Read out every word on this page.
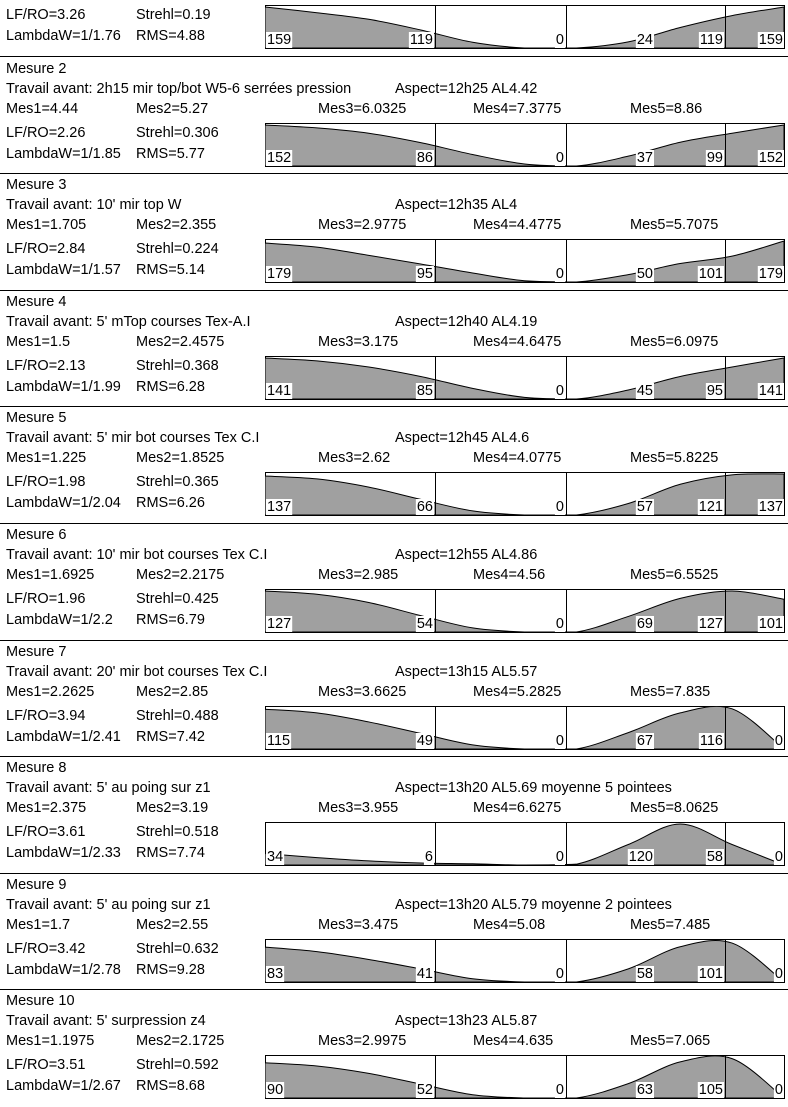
LF/RO=3.26	Strehl=0.19
LambdaW=1/1.76 RMS=4.88	159	119	0	24	119 159
Mesure 2
Travail avant: 2h15 mir top/bot W5-6 serrées pression	Aspect=12h25 AL4.42
Mes1=4.44	Mes2=5.27	Mes3=6.0325	Mes4=7.3775	Mes5=8.86
LF/RO=2.26	Strehl=0.306
LambdaW=1/1.85 RMS=5.77	152	86	0	37	99 152
Mesure 3
Travail avant: 10' mir top W	Aspect=12h35 AL4
Mes1=1.705	Mes2=2.355	Mes3=2.9775	Mes4=4.4775	Mes5=5.7075
LF/RO=2.84	Strehl=0.224
LambdaW=1/1.57 RMS=5.14	179	95	0	50	101 179
Mesure 4
Travail avant: 5' mTop courses Tex-A.I	Aspect=12h40 AL4.19
Mes1=1.5	Mes2=2.4575	Mes3=3.175	Mes4=4.6475	Mes5=6.0975
LF/RO=2.13	Strehl=0.368
LambdaW=1/1.99 RMS=6.28	141	85	0	45	95 141
Mesure 5
Travail avant: 5' mir bot courses Tex C.I	Aspect=12h45 AL4.6
Mes1=1.225	Mes2=1.8525	Mes3=2.62	Mes4=4.0775	Mes5=5.8225
LF/RO=1.98	Strehl=0.365
LambdaW=1/2.04 RMS=6.26	137	66	0	57	121 137
Mesure 6
Travail avant: 10' mir bot courses Tex C.I	Aspect=12h55 AL4.86
Mes1=1.6925	Mes2=2.2175	Mes3=2.985	Mes4=4.56	Mes5=6.5525
LF/RO=1.96	Strehl=0.425
LambdaW=1/2.2 RMS=6.79	127	54	0	69	127 101
Mesure 7
Travail avant: 20' mir bot courses Tex C.I	Aspect=13h15 AL5.57
Mes1=2.2625	Mes2=2.85	Mes3=3.6625	Mes4=5.2825	Mes5=7.835
LF/RO=3.94	Strehl=0.488
LambdaW=1/2.41 RMS=7.42	115	49	0	67	116	0
Mesure 8
Travail avant: 5' au poing sur z1	Aspect=13h20 AL5.69 moyenne 5 pointees
Mes1=2.375	Mes2=3.19	Mes3=3.955	Mes4=6.6275	Mes5=8.0625
LF/RO=3.61	Strehl=0.518
LambdaW=1/2.33 RMS=7.74	34	6	0	120	58	0
Mesure 9
Travail avant: 5' au poing sur z1	Aspect=13h20 AL5.79 moyenne 2 pointees
Mes1=1.7	Mes2=2.55	Mes3=3.475	Mes4=5.08	Mes5=7.485
LF/RO=3.42	Strehl=0.632
LambdaW=1/2.78 RMS=9.28	83	41	0	58	101	0
Mesure 10
Travail avant: 5' surpression z4	Aspect=13h23 AL5.87
Mes1=1.1975	Mes2=2.1725	Mes3=2.9975	Mes4=4.635	Mes5=7.065
LF/RO=3.51	Strehl=0.592
LambdaW=1/2.67 RMS=8.68	90	52	0	63	105	0
